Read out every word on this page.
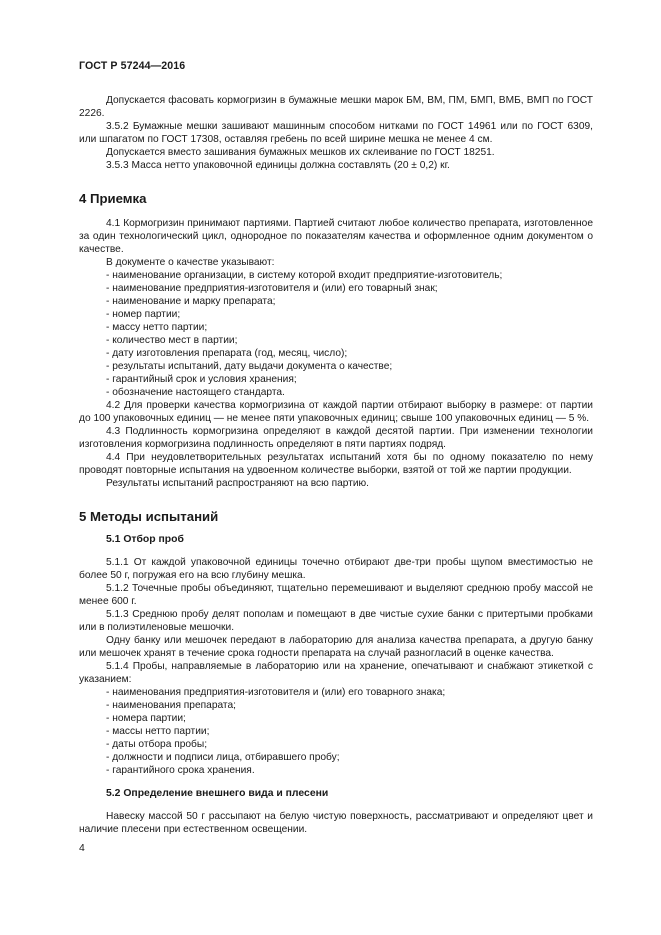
ГОСТ Р 57244—2016

Допускается фасовать кормогризин в бумажные мешки марок БМ, ВМ, ПМ, БМП, ВМБ, ВМП по ГОСТ 2226.

3.5.2 Бумажные мешки зашивают машинным способом нитками по ГОСТ 14961 или по ГОСТ 6309, или шпагатом по ГОСТ 17308, оставляя гребень по всей ширине мешка не менее 4 см.

Допускается вместо зашивания бумажных мешков их склеивание по ГОСТ 18251.

3.5.3 Масса нетто упаковочной единицы должна составлять (20 ± 0,2) кг.

4 Приемка

4.1 Кормогризин принимают партиями. Партией считают любое количество препарата, изготовленное за один технологический цикл, однородное по показателям качества и оформленное одним документом о качестве.

В документе о качестве указывают:

- наименование организации, в систему которой входит предприятие-изготовитель;

- наименование предприятия-изготовителя и (или) его товарный знак;

- наименование и марку препарата;

- номер партии;

- массу нетто партии;

- количество мест в партии;

- дату изготовления препарата (год, месяц, число);

- результаты испытаний, дату выдачи документа о качестве;

- гарантийный срок и условия хранения;

- обозначение настоящего стандарта.

4.2 Для проверки качества кормогризина от каждой партии отбирают выборку в размере: от партии до 100 упаковочных единиц — не менее пяти упаковочных единиц; свыше 100 упаковочных единиц — 5 %.

4.3 Подлинность кормогризина определяют в каждой десятой партии. При изменении технологии изготовления кормогризина подлинность определяют в пяти партиях подряд.

4.4 При неудовлетворительных результатах испытаний хотя бы по одному показателю по нему проводят повторные испытания на удвоенном количестве выборки, взятой от той же партии продукции.

Результаты испытаний распространяют на всю партию.

5 Методы испытаний
5.1 Отбор проб

5.1.1 От каждой упаковочной единицы точечно отбирают две-три пробы щупом вместимостью не более 50 г, погружая его на всю глубину мешка.

5.1.2 Точечные пробы объединяют, тщательно перемешивают и выделяют среднюю пробу массой не менее 600 г.

5.1.3 Среднюю пробу делят пополам и помещают в две чистые сухие банки с притертыми пробками или в полиэтиленовые мешочки.

Одну банку или мешочек передают в лабораторию для анализа качества препарата, а другую банку или мешочек хранят в течение срока годности препарата на случай разногласий в оценке качества.

5.1.4 Пробы, направляемые в лабораторию или на хранение, опечатывают и снабжают этикеткой с указанием:

- наименования предприятия-изготовителя и (или) его товарного знака;

- наименования препарата;

- номера партии;

- массы нетто партии;

- даты отбора пробы;

- должности и подписи лица, отбиравшего пробу;

- гарантийного срока хранения.

5.2 Определение внешнего вида и плесени

Навеску массой 50 г рассыпают на белую чистую поверхность, рассматривают и определяют цвет и наличие плесени при естественном освещении.

4
